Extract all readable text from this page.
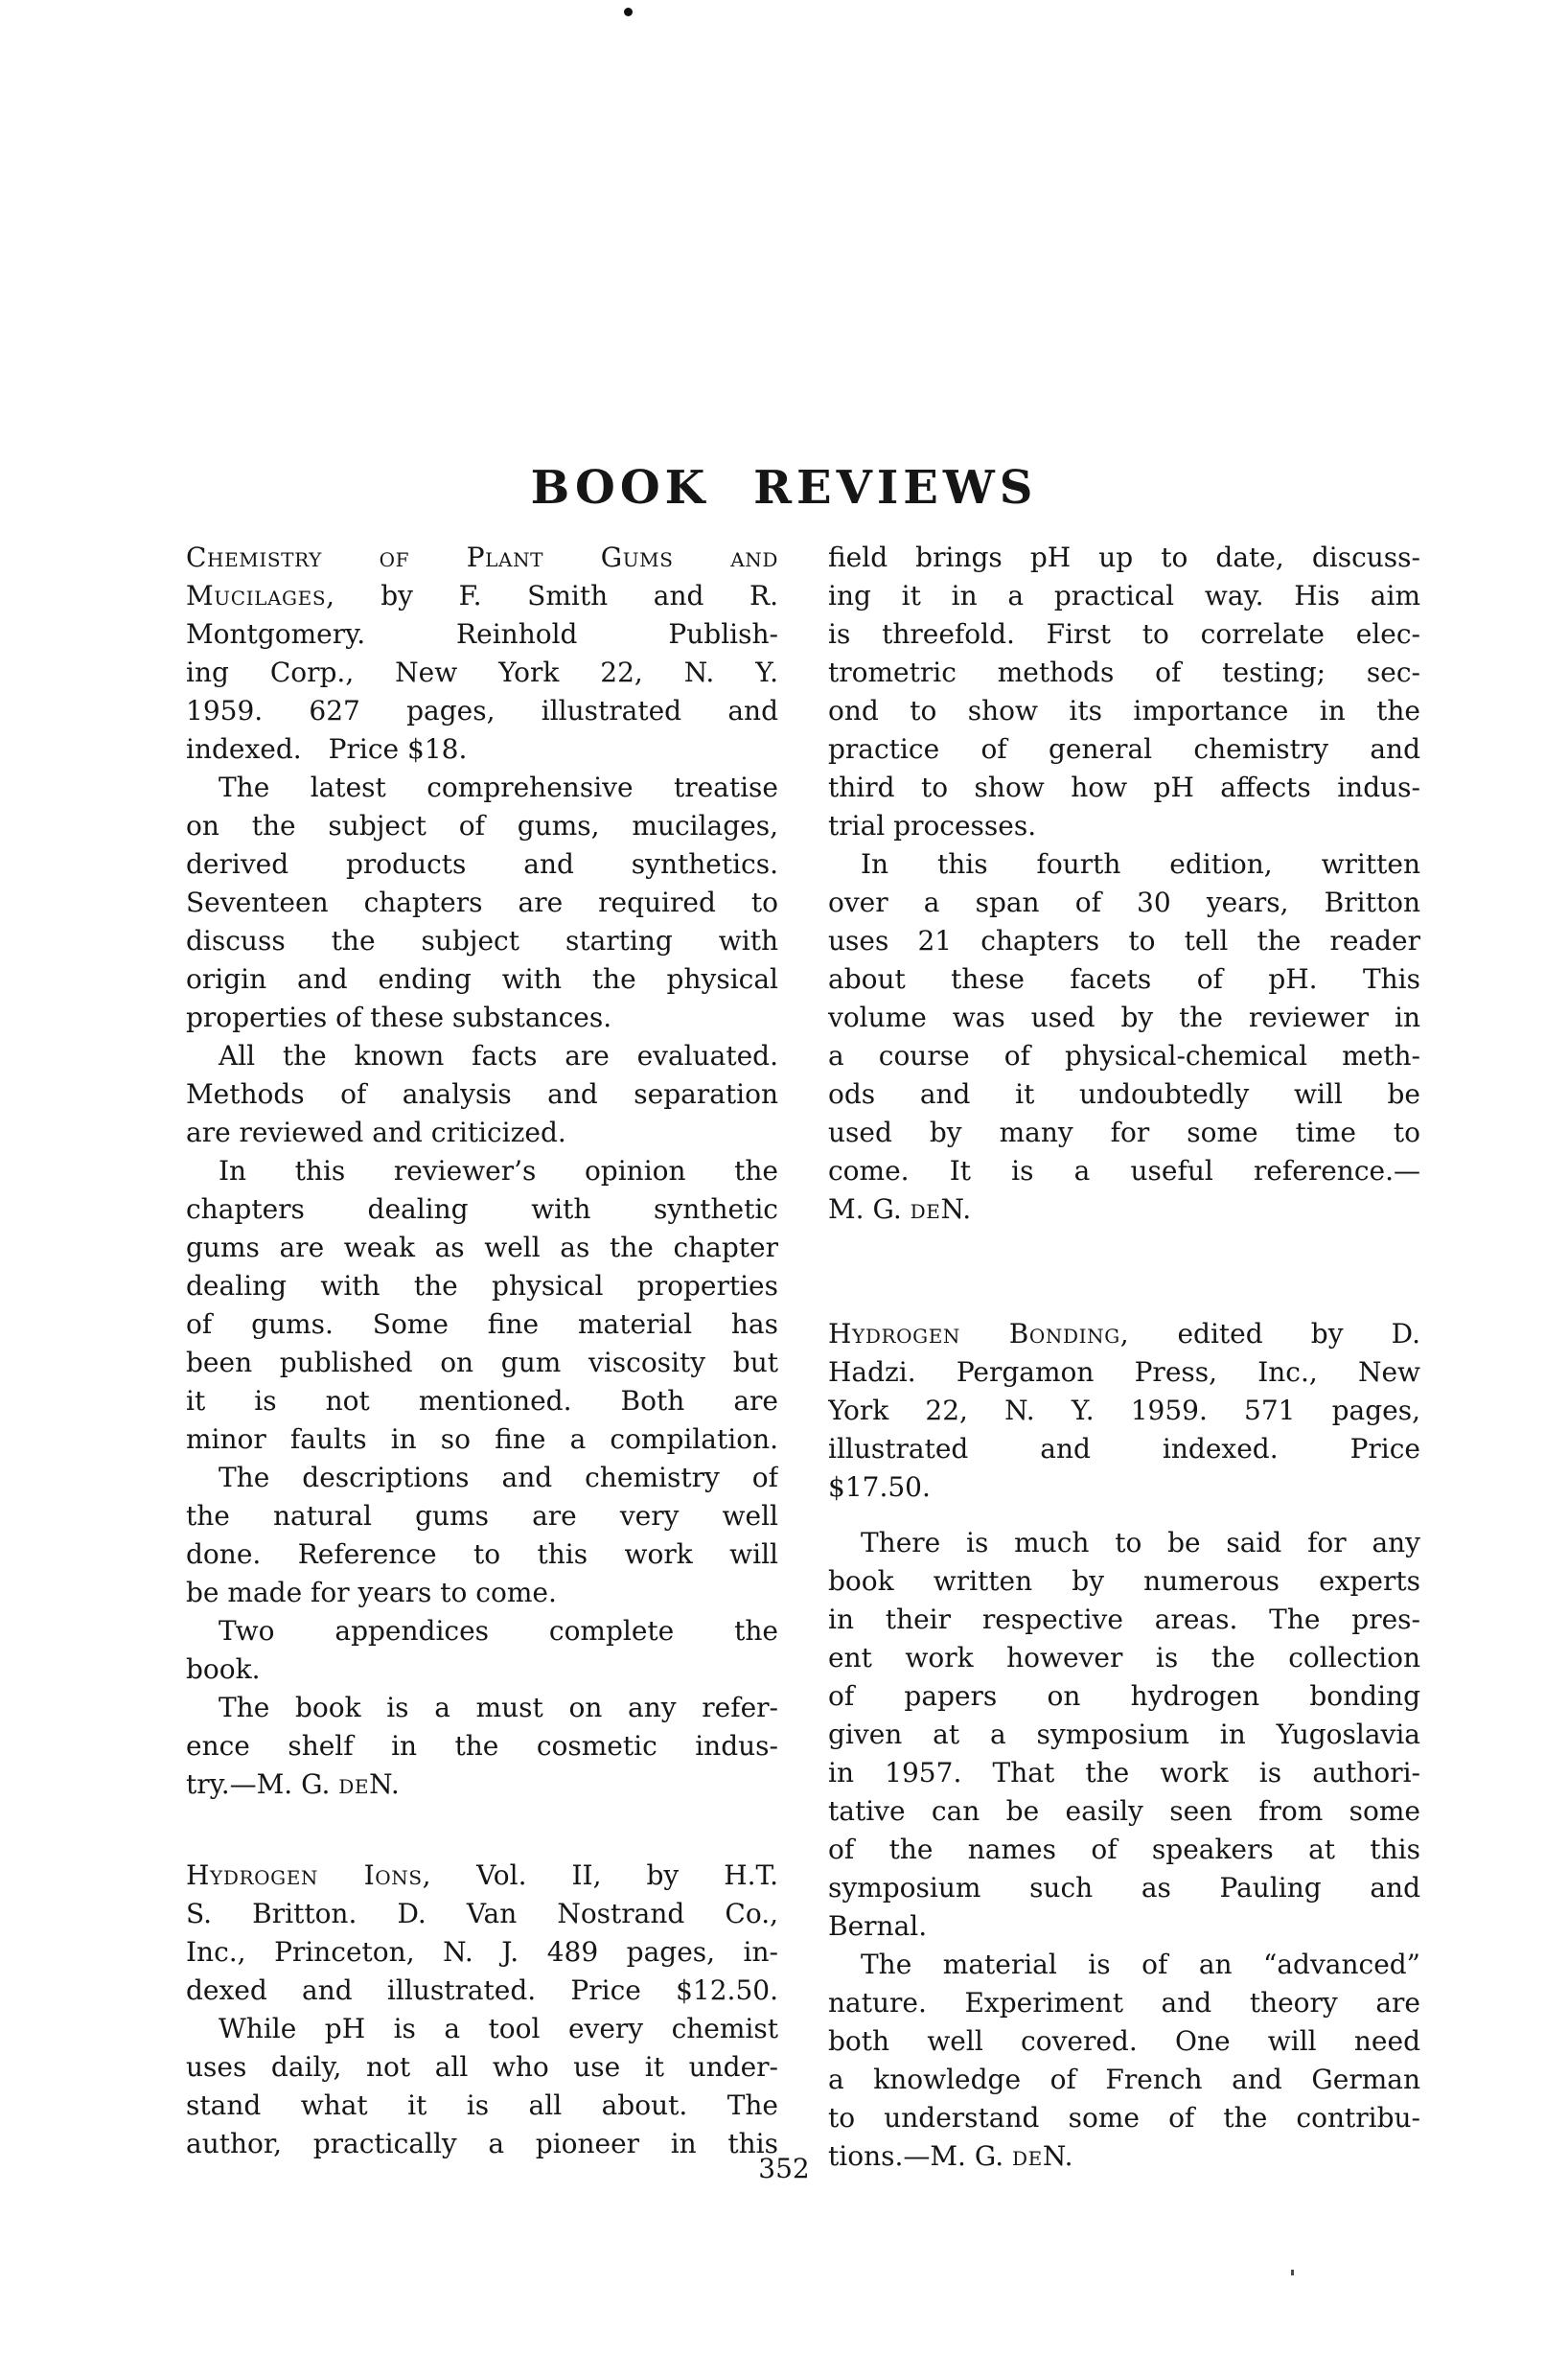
BOOK REVIEWS
Chemistry of Plant Gums and
Mucilages, by F. Smith and R.
Montgomery. Reinhold Publish-
ing Corp., New York 22, N. Y.
1959. 627 pages, illustrated and
indexed.  Price $18.
The latest comprehensive treatise
on the subject of gums, mucilages,
derived products and synthetics.
Seventeen chapters are required to
discuss the subject starting with
origin and ending with the physical
properties of these substances.
All the known facts are evaluated.
Methods of analysis and separation
are reviewed and criticized.
In this reviewer’s opinion the
chapters dealing with synthetic
gums are weak as well as the chapter
dealing with the physical properties
of gums. Some fine material has
been published on gum viscosity but
it is not mentioned. Both are
minor faults in so fine a compilation.
The descriptions and chemistry of
the natural gums are very well
done. Reference to this work will
be made for years to come.
Two appendices complete the
book.
The book is a must on any refer-
ence shelf in the cosmetic indus-
try.—M. G. deN.
Hydrogen Ions, Vol. II, by H.T.
S. Britton. D. Van Nostrand Co.,
Inc., Princeton, N. J. 489 pages, in-
dexed and illustrated. Price $12.50.
While pH is a tool every chemist
uses daily, not all who use it under-
stand what it is all about. The
author, practically a pioneer in this
field brings pH up to date, discuss-
ing it in a practical way. His aim
is threefold. First to correlate elec-
trometric methods of testing; sec-
ond to show its importance in the
practice of general chemistry and
third to show how pH affects indus-
trial processes.
In this fourth edition, written
over a span of 30 years, Britton
uses 21 chapters to tell the reader
about these facets of pH. This
volume was used by the reviewer in
a course of physical-chemical meth-
ods and it undoubtedly will be
used by many for some time to
come. It is a useful reference.—
M. G. deN.
Hydrogen Bonding, edited by D.
Hadzi. Pergamon Press, Inc., New
York 22, N. Y. 1959. 571 pages,
illustrated and indexed. Price
$17.50.
There is much to be said for any
book written by numerous experts
in their respective areas. The pres-
ent work however is the collection
of papers on hydrogen bonding
given at a symposium in Yugoslavia
in 1957. That the work is authori-
tative can be easily seen from some
of the names of speakers at this
symposium such as Pauling and
Bernal.
The material is of an “advanced”
nature. Experiment and theory are
both well covered. One will need
a knowledge of French and German
to understand some of the contribu-
tions.—M. G. deN.
352
